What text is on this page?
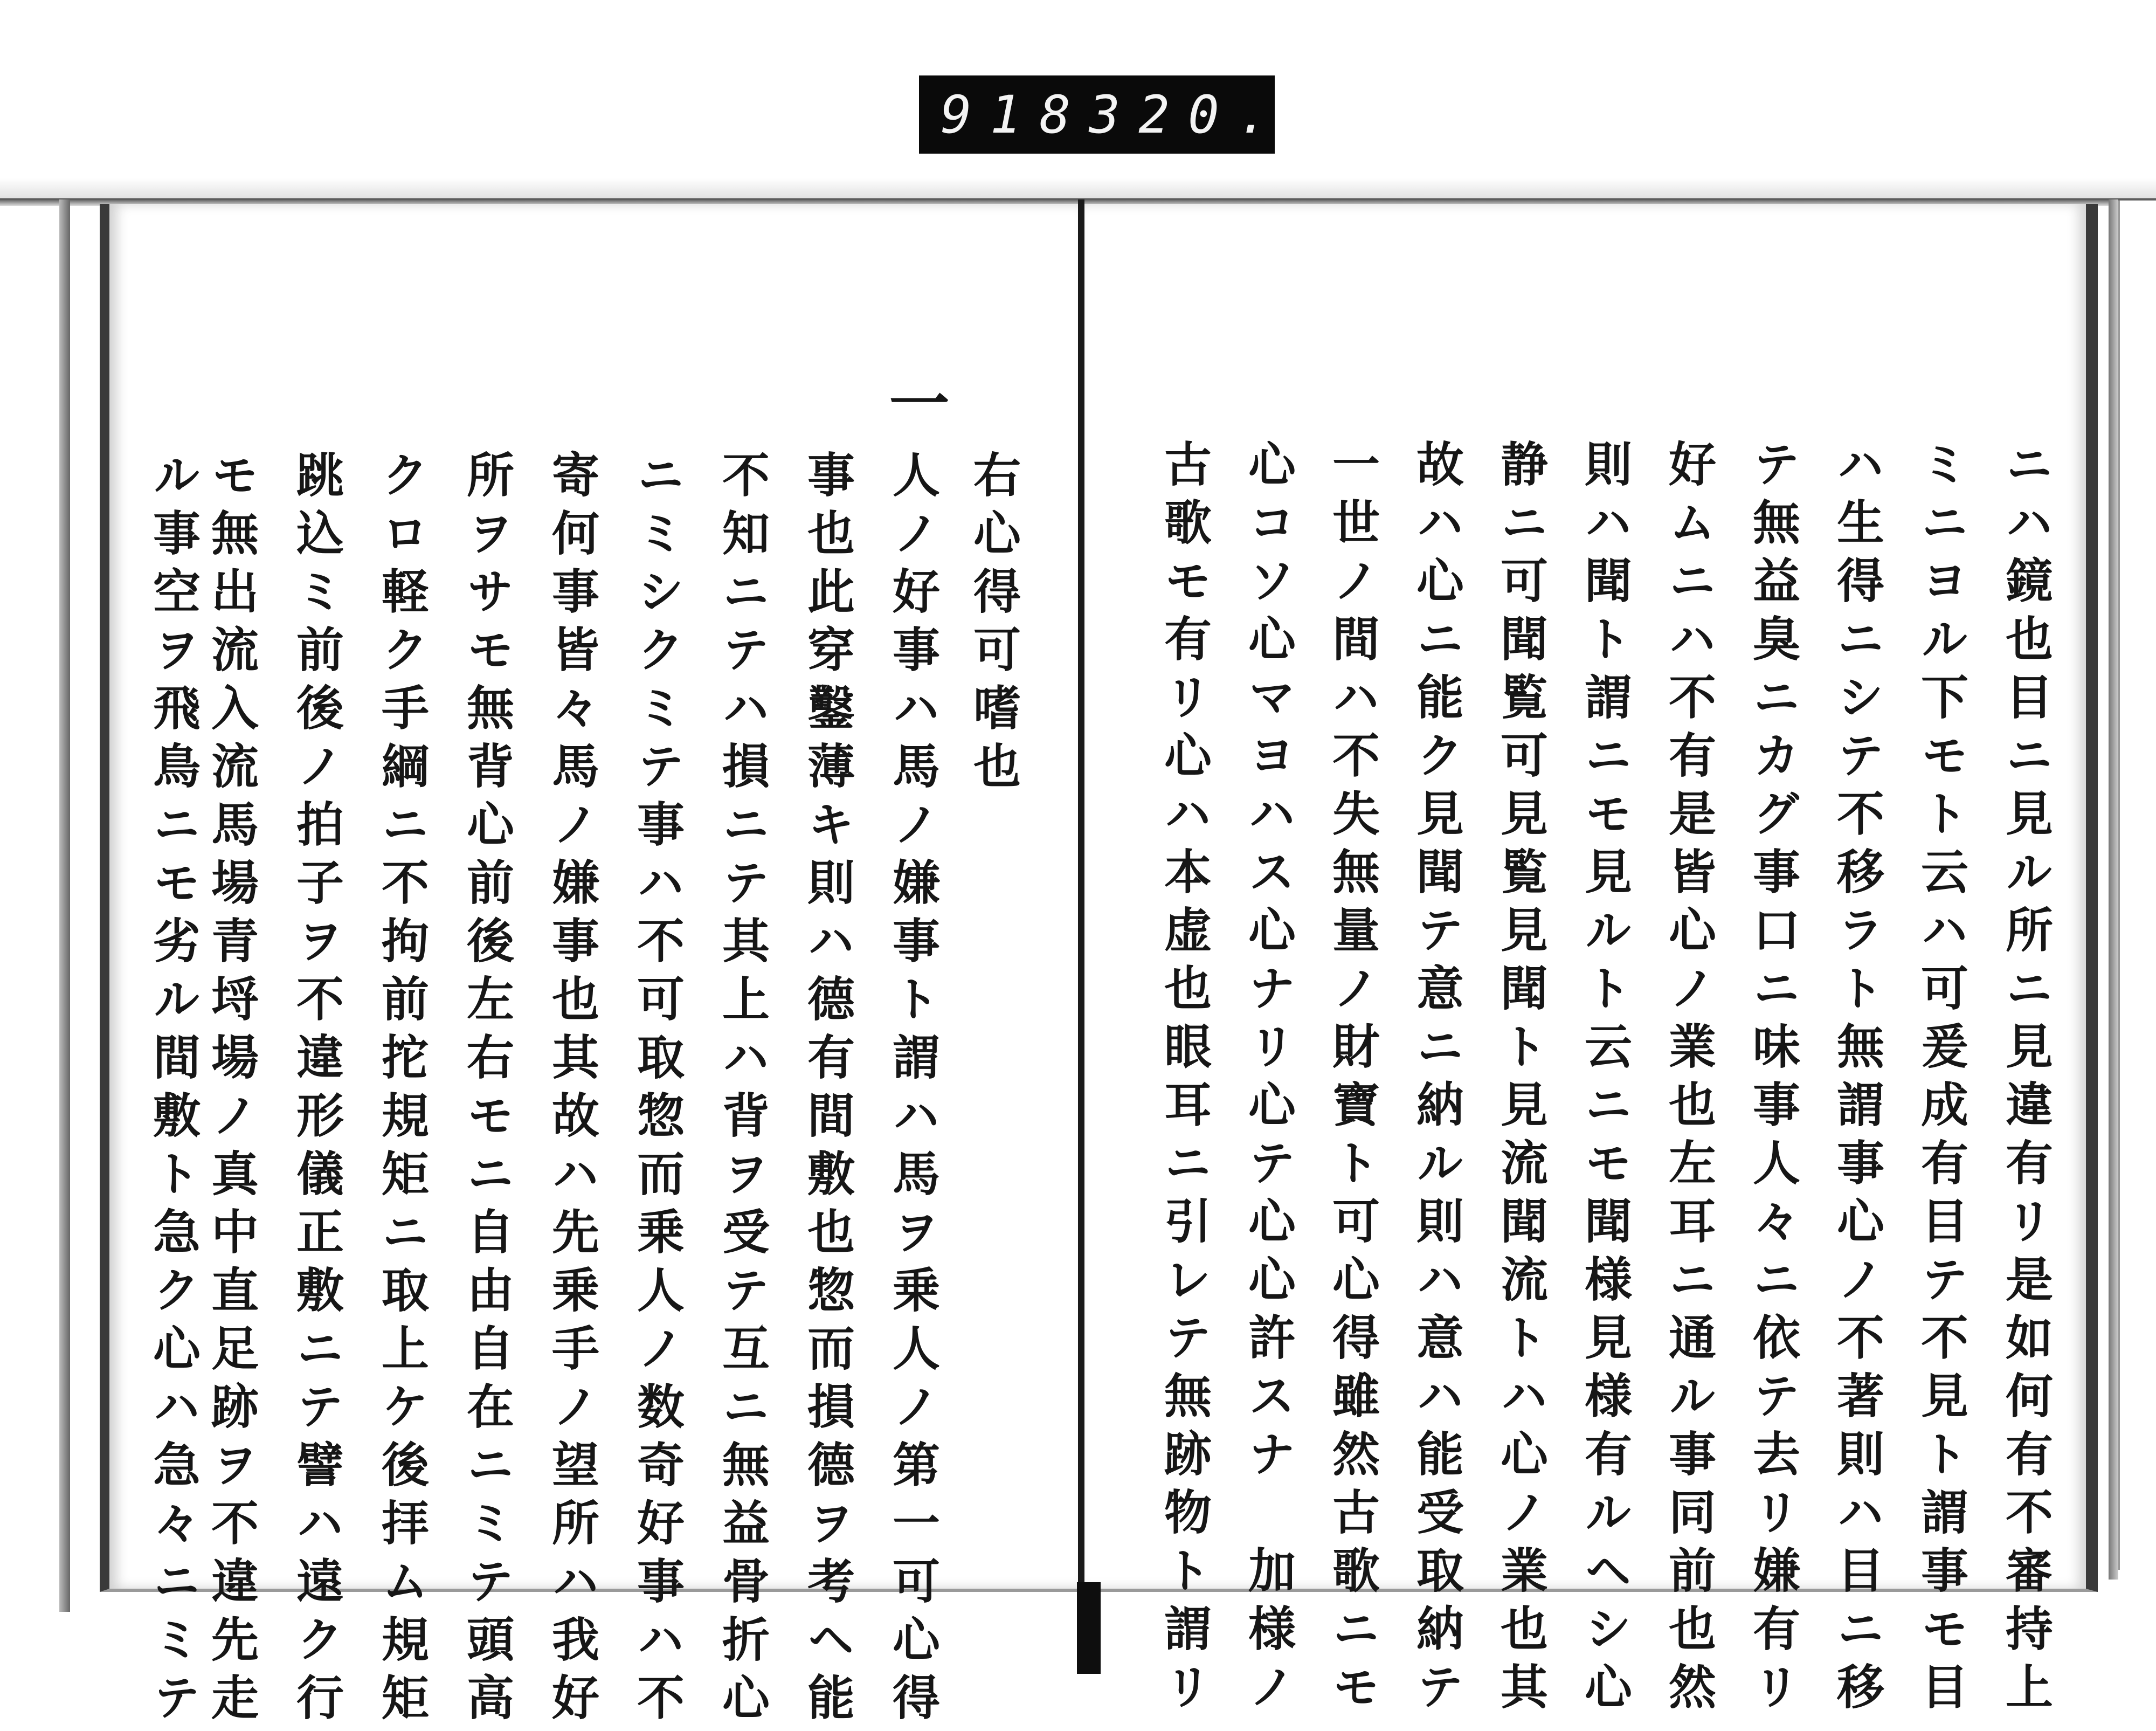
918 320.
ニハ鏡也目ニ見ル所ニ見違有リ是如何有不審持上
ミニヨル下モト云ハ可爰成有目テ不見ト謂事モ目
ハ生得ニシテ不移ラト無謂事心ノ不著則ハ目ニ移
テ無益臭ニカグ事口ニ味事人々ニ依テ去リ嫌有リ
好ムニハ不有是皆心ノ業也左耳ニ通ル事同前也然
則ハ聞ト謂ニモ見ルト云ニモ聞様見様有ルヘシ心
静ニ可聞覧可見覧見聞ト見流聞流トハ心ノ業也其
故ハ心ニ能ク見聞テ意ニ納ル則ハ意ハ能受取納テ
一世ノ間ハ不失無量ノ財寶ト可心得雖然古歌ニモ
心コソ心マヨハス心ナリ心テ心心許スナ　加様ノ
古歌モ有リ心ハ本虚也眼耳ニ引レテ無跡物ト謂リ
一
右心得可嗜也
人ノ好事ハ馬ノ嫌事ト謂ハ馬ヲ乗人ノ第一可心得
事也此穿鑿薄キ則ハ德有間敷也惣而損德ヲ考ヘ能
不知ニテハ損ニテ其上ハ背ヲ受テ互ニ無益骨折心
ニミシクミテ事ハ不可取惣而乗人ノ数奇好事ハ不
寄何事皆々馬ノ嫌事也其故ハ先乗手ノ望所ハ我好
所ヲサモ無背心前後左右モニ自由自在ニミテ頭高
クロ軽ク手綱ニ不拘前拕規矩ニ取上ケ後拝ム規矩
跳込ミ前後ノ拍子ヲ不違形儀正敷ニテ譬ハ遠ク行
モ無出流入流馬場青埒場ノ真中直足跡ヲ不違先走
ル事空ヲ飛鳥ニモ劣ル間敷ト急ク心ハ急々ニミテ
